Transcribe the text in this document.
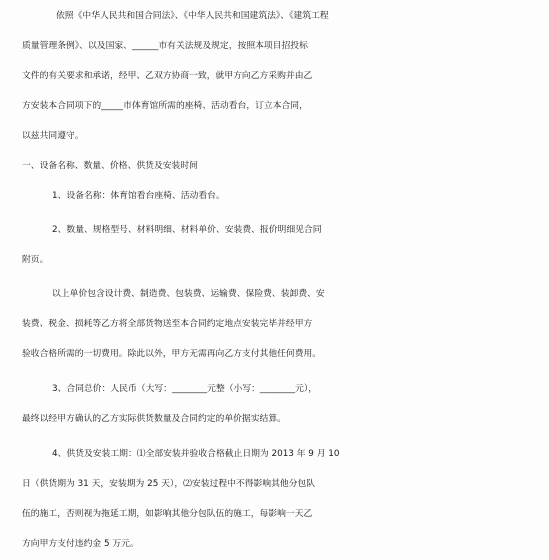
依照《中华人民共和国合同法》、《中华人民共和国建筑法》、《建筑工程
质量管理条例》、以及国家、______市有关法规及规定，按照本项目招投标
文件的有关要求和承诺，经甲、乙双方协商一致，就甲方向乙方采购并由乙
方安装本合同项下的_____市体育馆所需的座椅、活动看台，订立本合同，
以兹共同遵守。
一、设备名称、数量、价格、供货及安装时间
1、设备名称：体育馆看台座椅、活动看台。
2、数量、规格型号、材料明细、材料单价、安装费、报价明细见合同
附页。
以上单价包含设计费、制造费、包装费、运输费、保险费、装卸费、安
装费、税金、损耗等乙方将全部货物送至本合同约定地点安装完毕并经甲方
验收合格所需的一切费用。除此以外，甲方无需再向乙方支付其他任何费用。
3、合同总价：人民币（大写：________元整（小写：________元），
最终以经甲方确认的乙方实际供货数量及合同约定的单价据实结算。
4、供货及安装工期：⑴全部安装并验收合格截止日期为 2013 年 9 月 10
日（供货期为 31 天，安装期为 25 天），⑵安装过程中不得影响其他分包队
伍的施工，否则视为拖延工期，如影响其他分包队伍的施工，每影响一天乙
方向甲方支付违约金 5 万元。
